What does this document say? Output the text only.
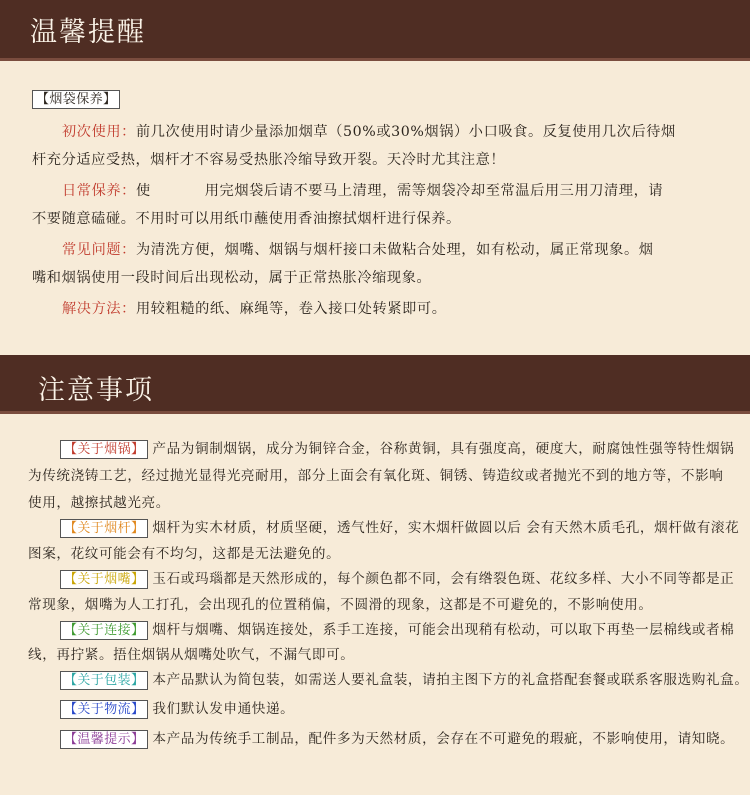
温馨提醒
【烟袋保养】
初次使用：前几次使用时请少量添加烟草（50%或30%烟锅）小口吸食。反复使用几次后待烟
杆充分适应受热，烟杆才不容易受热胀冷缩导致开裂。天冷时尤其注意！
日常保养：使	用完烟袋后请不要马上清理，需等烟袋冷却至常温后用三用刀清理，请
不要随意磕碰。不用时可以用纸巾蘸使用香油擦拭烟杆进行保养。
常见问题：为清洗方便，烟嘴、烟锅与烟杆接口未做粘合处理，如有松动，属正常现象。烟
嘴和烟锅使用一段时间后出现松动，属于正常热胀冷缩现象。
解决方法：用较粗糙的纸、麻绳等，卷入接口处转紧即可。
注意事项
【关于烟锅】 产品为铜制烟锅，成分为铜锌合金，谷称黄铜，具有强度高，硬度大，耐腐蚀性强等特性烟锅
为传统浇铸工艺，经过抛光显得光亮耐用，部分上面会有氧化斑、铜锈、铸造纹或者抛光不到的地方等，不影响
使用，越擦拭越光亮。
【关于烟杆】 烟杆为实木材质，材质坚硬，透气性好，实木烟杆做圆以后 会有天然木质毛孔，烟杆做有滚花
图案，花纹可能会有不均匀，这都是无法避免的。
【关于烟嘴】 玉石或玛瑙都是天然形成的，每个颜色都不同，会有绺裂色斑、花纹多样、大小不同等都是正
常现象，烟嘴为人工打孔，会出现孔的位置稍偏，不圆滑的现象，这都是不可避免的，不影响使用。
【关于连接】 烟杆与烟嘴、烟锅连接处，系手工连接，可能会出现稍有松动，可以取下再垫一层棉线或者棉
线，再拧紧。捂住烟锅从烟嘴处吹气，不漏气即可。
【关于包装】 本产品默认为简包装，如需送人要礼盒装，请拍主图下方的礼盒搭配套餐或联系客服选购礼盒。
【关于物流】 我们默认发申通快递。
【温馨提示】 本产品为传统手工制品，配件多为天然材质，会存在不可避免的瑕疵，不影响使用，请知晓。
